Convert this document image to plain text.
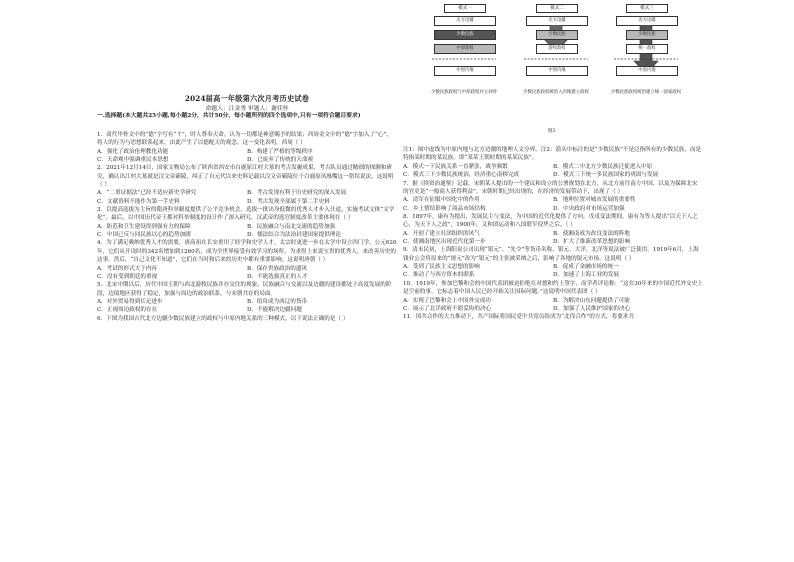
2024届高一年级第六次月考历史试卷
命题人：江金秀 审题人：谢佳怀
一.选择题(本大题共25小题,每小题2分，共计50分，每小题所列的四个选项中,只有一项符合题目要求)

1．商代甲骨文中的“德”字写有“彳”，时人尊奉天命，认为一切都是神意赐予的结果；西周金文中的“德”字加入了“心”，将人的行为与思想联系起来，由此产生了以德配天的观念。这一变化表明，西周（ ）

A．强化了政治伦理教化功能	B．构建了严格的等级秩序
C．天命观中强调重民本思想	D．已废弃了传统的天命观

2．2021年12月14日，国家文物局公布了陕西省西安市白鹿原江村大墓的考古发掘成果，考古队员通过精细的探测和研究，确认出江村大墓就是汉文帝霸陵，纠正了自元代以来史料记载以汉文帝霸陵位于白鹿原凤凰嘴这一错误说法。这说明（ ）

A．“二重证据法”已经不适应新史学研究	B．考古发现有利于历史研究的深入发展
C．文献资料不能作为第一手史料	D．考古发现全部属于第二手史料

3．以提高选拔为主旨的隋唐科举制度提供了公平竞争机会，选拔一批出身低微的优秀人才步入仕途，实施考试文体“文学化”。最后，以中国历代帝王都对科举制度的设计作了深入研究，汉武帝的选官制度改革主要体现在（ ）

A．防范和卫生建设得到强有力的保障	B．民族融合与南北交流的趋势加强
C．中国已反与同民族以心的趋势加剧	D．儒法结合为法治封建国家提供理论

4．为了满足吸纳优秀人才的需要，唐高祖在长安重用了经学和史学人才，太宗时更进一步在太学中设立四门学。公元626年，它们从开设时的342名增加到1260名，成为全世界接受有效学习的场所。为求得上来说宝贵的优秀人，来改善历史的这事。然后，“自己文化不知道”，它们在当时和后来的历史中都有重要影响。这说明唐朝（ ）

A．考试的形式大于内容	B．保存贵族政治的遗风
C．没有受到朝廷的重视	D．不能选拔真正的人才

5．北宋中期以后，历代中国王朝与西北游牧民族并存交往的现象，民族融合与交流以及边疆的建设都处于高度发展的阶段，边境地区获得了稳定，加强与周边的政治联系，与宋朝共存的局面。

A．对外贸易得到长足进步	B．绢帛成为西辽的货币
C．正视周边政权的存在	D．不能解决边疆问题

6．下图为我国古代北方边疆少数民族建立的政权与中原内地关系的三种模式，以下说法正确的是（ ）

模式一
北方边疆
少数民族
中原政权
中原内地
少数民族政权与中原政权并立对峙
模式二
北方边疆
少数民族
游牧政权
中原内地
少数民族政权统治入内地建立政权
模式三
北方边疆
少数民族
统一政权
中原内地
少数民族政权统治建立统一国家政权
图3
注1：图中虚线为中原内地与北方边疆的地理人文分界。注2：箭头中标注的是“少数民族”不是泛指所有的少数民族，而是特指某时期的某民族。即“某某王朝时期的某某民族”。
A．模式一下民族关系一直紧张，战争频繁	B．模式二中北方少数民族迁徙进入中原
C．模式三下少数民族统治，经济重心南移完成	D．模式三下统一多民族国家的巩固与发展

7．据《续资治通鉴》记载，宋朝某人提出的一个建议和设立的公署规划在北方，从北方前往南方中国，以及为保障北宋的官吏是“一般商人获得利益”。宋朝时期已经出现的，在经济的发展带动下，出现了（ ）

A．清军在征服中国化中的作用	B．地理位置对城市发展的重要性
C．乡土情结影响了商品市场结构	D．中央政府对市场运营加强

8．1897年，康有为提出，发展民主与变法，为中国的近代化提供了方向。戊戌变法期间，康有为等人提出“以天下人之心，为天下人之政”，1900年，义和团运动和八国联军侵华之后，（ ）

A．开创了建立社团组织的风气	B．使湘南成为改良变法的阵地
C．使湘南地区出现近代化第一步	D．扩大了维新改革思想的影响

9．清末民初，上海阳泉公司出现“银元”、“先令”等货币名称，银元、大洋、北洋等说法被广泛使用。1919年6月，上海钱业公会将原来的“规元”改为“银元”的主张被采纳之后，影响了各地的银元市场。这说明（ ）

A．受到了民族主义思想的影响	B．促成了金融市场的统一
C．推动了与西方资本的联系	D．加速了上海工业的发展

10．1919年，参加巴黎和会的中国代表团被迫拒绝在对德和约上签字，而学者评论称：“这在30年来的中国近代外交史上是空前的事。它标志着中国人民已经开始关注国际问题。”这说明中国代表团（ ）

A．实现了巴黎和会上中国外交成功	B．为解决山东问题提供了可能
C．展示了北洋政府不愿妥协的决心	D．加强了人民维护国家的决心

11．国共合作的大力推动下，共产国际将国民党中共党员组成为“北伐合作”的方式，将要求共
